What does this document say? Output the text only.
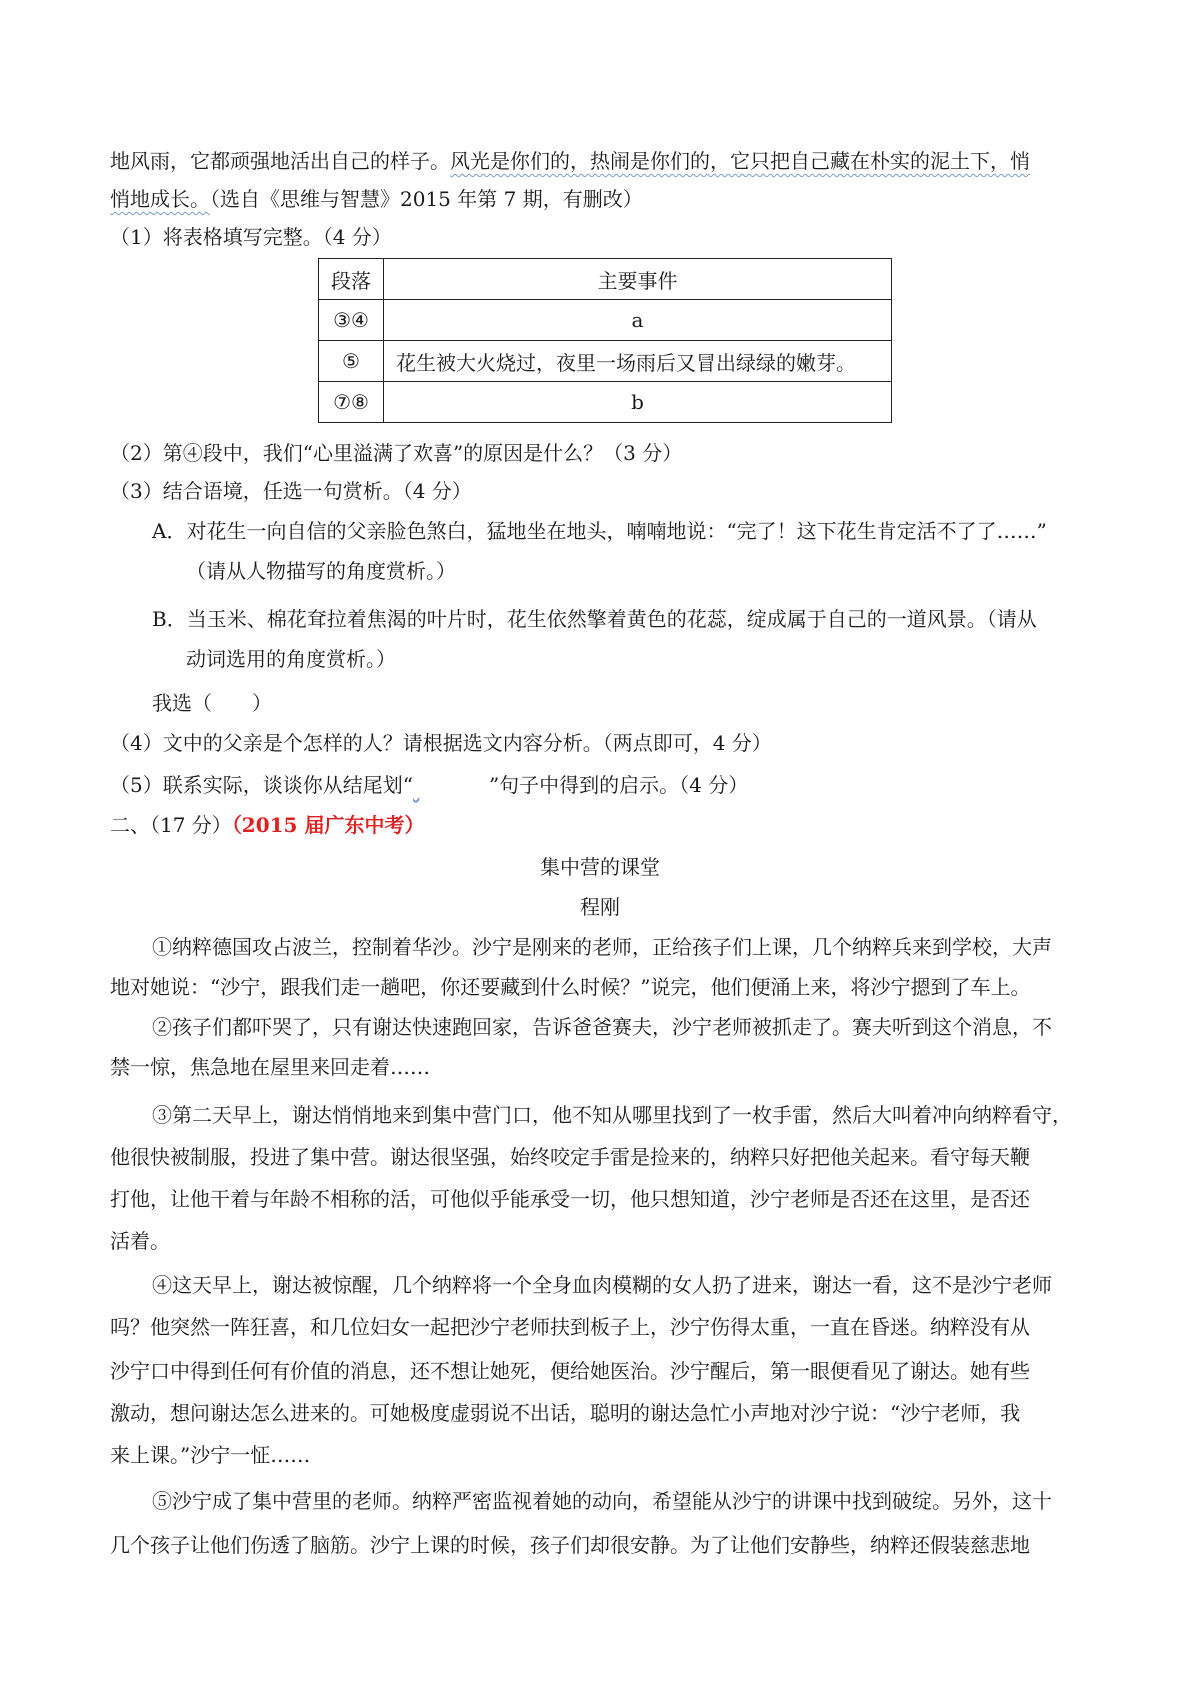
地风雨，它都顽强地活出自己的样子。风光是你们的，热闹是你们的，它只把自己藏在朴实的泥土下，悄
悄地成长。（选自《思维与智慧》2015 年第 7 期，有删改）
（1）将表格填写完整。（4 分）
段落	主要事件
③④	a
⑤	花生被大火烧过，夜里一场雨后又冒出绿绿的嫩芽。
⑦⑧	b
（2）第④段中，我们“心里溢满了欢喜”的原因是什么？（3 分）
（3）结合语境，任选一句赏析。（4 分）
A．对花生一向自信的父亲脸色煞白，猛地坐在地头，喃喃地说：“完了！这下花生肯定活不了了……”
（请从人物描写的角度赏析。）
B．当玉米、棉花耷拉着焦渴的叶片时，花生依然擎着黄色的花蕊，绽成属于自己的一道风景。（请从
动词选用的角度赏析。）
我选（　　）
（4）文中的父亲是个怎样的人？请根据选文内容分析。（两点即可，4 分）
（5）联系实际，谈谈你从结尾划“	”句子中得到的启示。（4 分）
二、（17 分）（2015 届广东中考）
集中营的课堂
程刚
①纳粹德国攻占波兰，控制着华沙。沙宁是刚来的老师，正给孩子们上课，几个纳粹兵来到学校，大声
地对她说：“沙宁，跟我们走一趟吧，你还要藏到什么时候？”说完，他们便涌上来，将沙宁摁到了车上。
②孩子们都吓哭了，只有谢达快速跑回家，告诉爸爸赛夫，沙宁老师被抓走了。赛夫听到这个消息，不
禁一惊，焦急地在屋里来回走着……
③第二天早上，谢达悄悄地来到集中营门口，他不知从哪里找到了一枚手雷，然后大叫着冲向纳粹看守，
他很快被制服，投进了集中营。谢达很坚强，始终咬定手雷是捡来的，纳粹只好把他关起来。看守每天鞭
打他，让他干着与年龄不相称的活，可他似乎能承受一切，他只想知道，沙宁老师是否还在这里，是否还
活着。
④这天早上，谢达被惊醒，几个纳粹将一个全身血肉模糊的女人扔了进来，谢达一看，这不是沙宁老师
吗？他突然一阵狂喜，和几位妇女一起把沙宁老师扶到板子上，沙宁伤得太重，一直在昏迷。纳粹没有从
沙宁口中得到任何有价值的消息，还不想让她死，便给她医治。沙宁醒后，第一眼便看见了谢达。她有些
激动，想问谢达怎么进来的。可她极度虚弱说不出话，聪明的谢达急忙小声地对沙宁说：“沙宁老师，我
来上课。”沙宁一怔……
⑤沙宁成了集中营里的老师。纳粹严密监视着她的动向，希望能从沙宁的讲课中找到破绽。另外，这十
几个孩子让他们伤透了脑筋。沙宁上课的时候，孩子们却很安静。为了让他们安静些，纳粹还假装慈悲地
